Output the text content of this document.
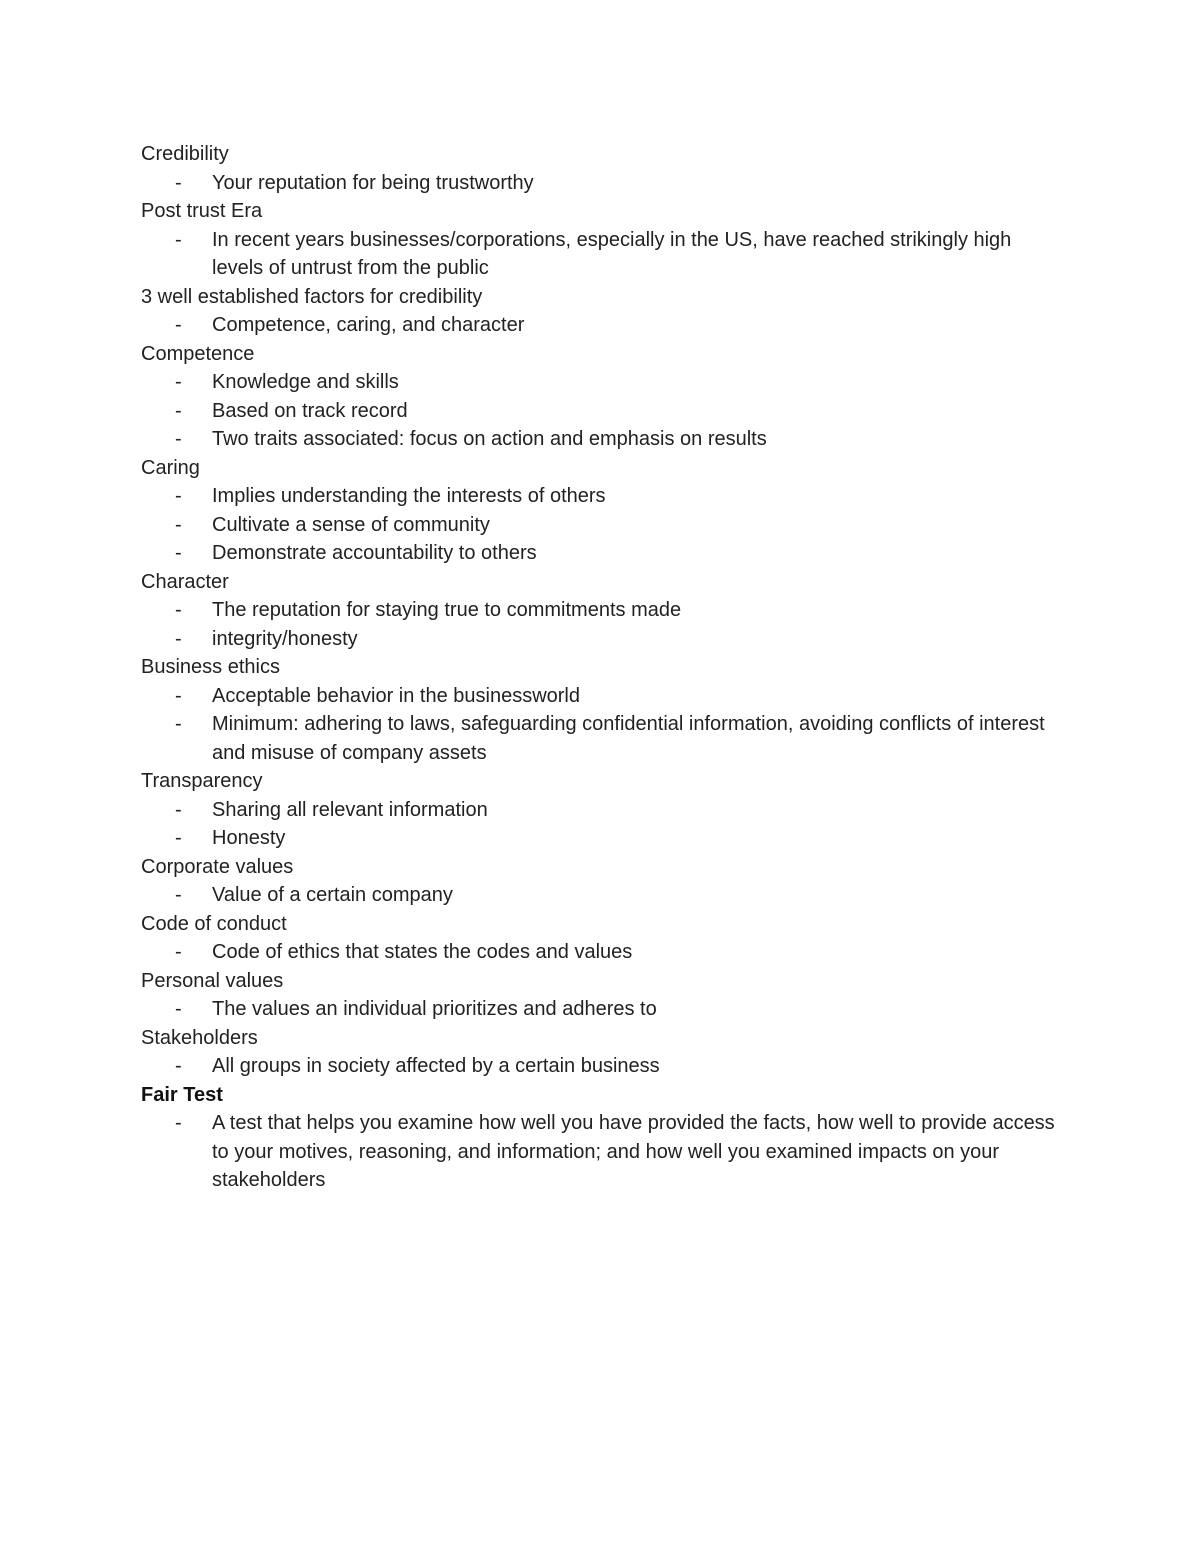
Credibility
- Your reputation for being trustworthy
Post trust Era
- In recent years businesses/corporations, especially in the US, have reached strikingly high levels of untrust from the public
3 well established factors for credibility
- Competence, caring, and character
Competence
- Knowledge and skills
- Based on track record
- Two traits associated: focus on action and emphasis on results
Caring
- Implies understanding the interests of others
- Cultivate a sense of community
- Demonstrate accountability to others
Character
- The reputation for staying true to commitments made
- integrity/honesty
Business ethics
- Acceptable behavior in the businessworld
- Minimum: adhering to laws, safeguarding confidential information, avoiding conflicts of interest and misuse of company assets
Transparency
- Sharing all relevant information
- Honesty
Corporate values
- Value of a certain company
Code of conduct
- Code of ethics that states the codes and values
Personal values
- The values an individual prioritizes and adheres to
Stakeholders
- All groups in society affected by a certain business
Fair Test
- A test that helps you examine how well you have provided the facts, how well to provide access to your motives, reasoning, and information; and how well you examined impacts on your stakeholders
